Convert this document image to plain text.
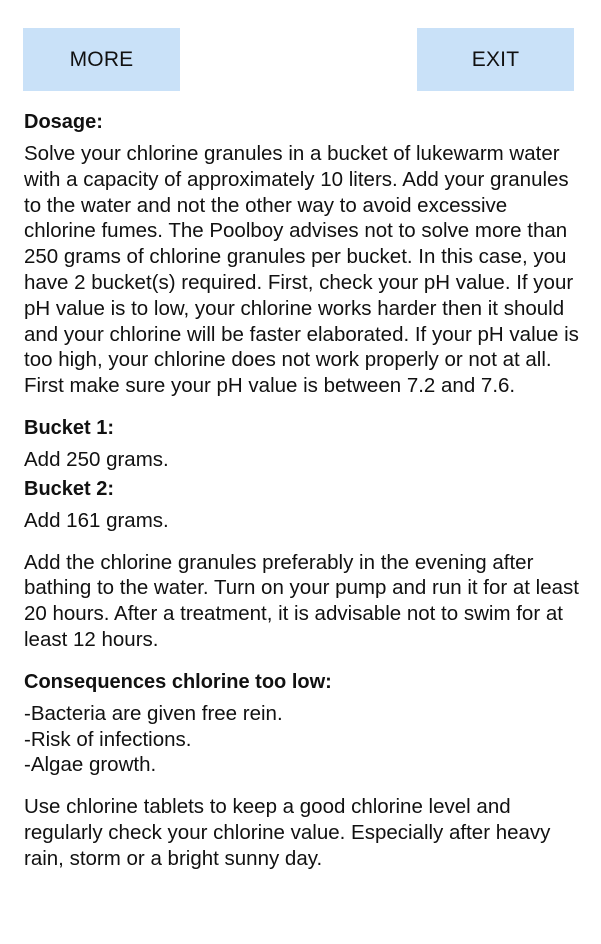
MORE	EXIT

Dosage:

Solve your chlorine granules in a bucket of lukewarm water with a capacity of approximately 10 liters. Add your granules to the water and not the other way to avoid excessive chlorine fumes. The Poolboy advises not to solve more than 250 grams of chlorine granules per bucket. In this case, you have 2 bucket(s) required. First, check your pH value. If your pH value is to low, your chlorine works harder then it should and your chlorine will be faster elaborated. If your pH value is too high, your chlorine does not work properly or not at all. First make sure your pH value is between 7.2 and 7.6.

Bucket 1:

Add 250 grams.

Bucket 2:

Add 161 grams.

Add the chlorine granules preferably in the evening after bathing to the water. Turn on your pump and run it for at least 20 hours. After a treatment, it is advisable not to swim for at least 12 hours.

Consequences chlorine too low:

-Bacteria are given free rein.

-Risk of infections.

-Algae growth.

Use chlorine tablets to keep a good chlorine level and regularly check your chlorine value. Especially after heavy rain, storm or a bright sunny day.
